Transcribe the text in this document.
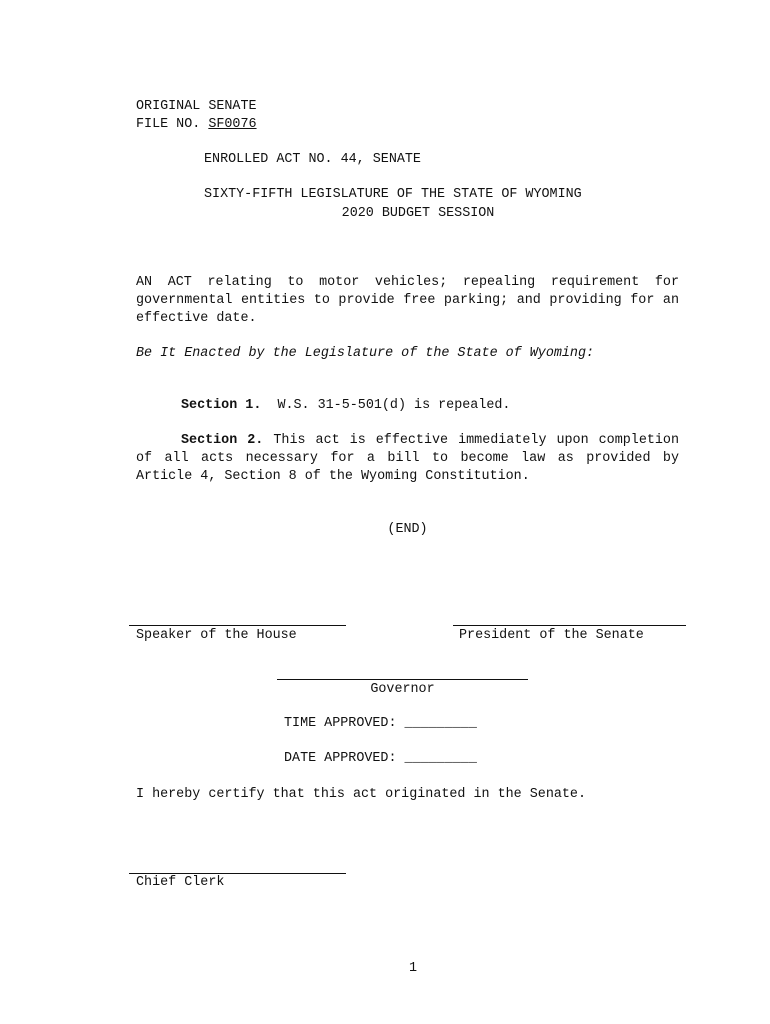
ORIGINAL SENATE
FILE NO. SF0076
ENROLLED ACT NO. 44, SENATE
SIXTY-FIFTH LEGISLATURE OF THE STATE OF WYOMING
2020 BUDGET SESSION
AN ACT relating to motor vehicles; repealing requirement for governmental entities to provide free parking; and providing for an effective date.
Be It Enacted by the Legislature of the State of Wyoming:
Section 1. W.S. 31-5-501(d) is repealed.
Section 2. This act is effective immediately upon completion of all acts necessary for a bill to become law as provided by Article 4, Section 8 of the Wyoming Constitution.
(END)
Speaker of the House	President of the Senate
Governor
TIME APPROVED: _________
DATE APPROVED: _________
I hereby certify that this act originated in the Senate.
Chief Clerk
1
